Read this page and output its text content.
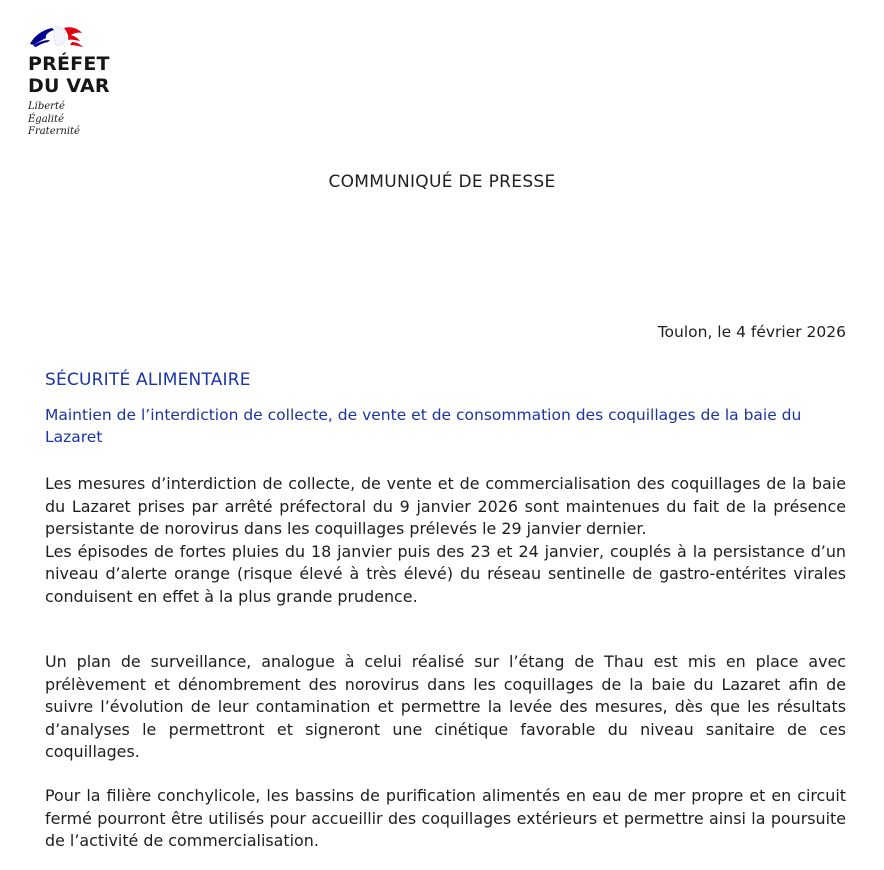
PRÉFET
DU VAR
Liberté
Égalité
Fraternité
COMMUNIQUÉ DE PRESSE
Toulon, le 4 février 2026
SÉCURITÉ ALIMENTAIRE
Maintien de l’interdiction de collecte, de vente et de consommation des coquillages de la baie du Lazaret

Les mesures d’interdiction de collecte, de vente et de commercialisation des coquillages de la baie du Lazaret prises par arrêté préfectoral du 9 janvier 2026 sont maintenues du fait de la présence persistante de norovirus dans les coquillages prélevés le 29 janvier dernier.

Les épisodes de fortes pluies du 18 janvier puis des 23 et 24 janvier, couplés à la persistance d’un niveau d’alerte orange (risque élevé à très élevé) du réseau sentinelle de gastro-entérites virales conduisent en effet à la plus grande prudence.

Un plan de surveillance, analogue à celui réalisé sur l’étang de Thau est mis en place avec prélèvement et dénombrement des norovirus dans les coquillages de la baie du Lazaret afin de suivre l’évolution de leur contamination et permettre la levée des mesures, dès que les résultats d’analyses le permettront et signeront une cinétique favorable du niveau sanitaire de ces coquillages.

Pour la filière conchylicole, les bassins de purification alimentés en eau de mer propre et en circuit fermé pourront être utilisés pour accueillir des coquillages extérieurs et permettre ainsi la poursuite de l’activité de commercialisation.
